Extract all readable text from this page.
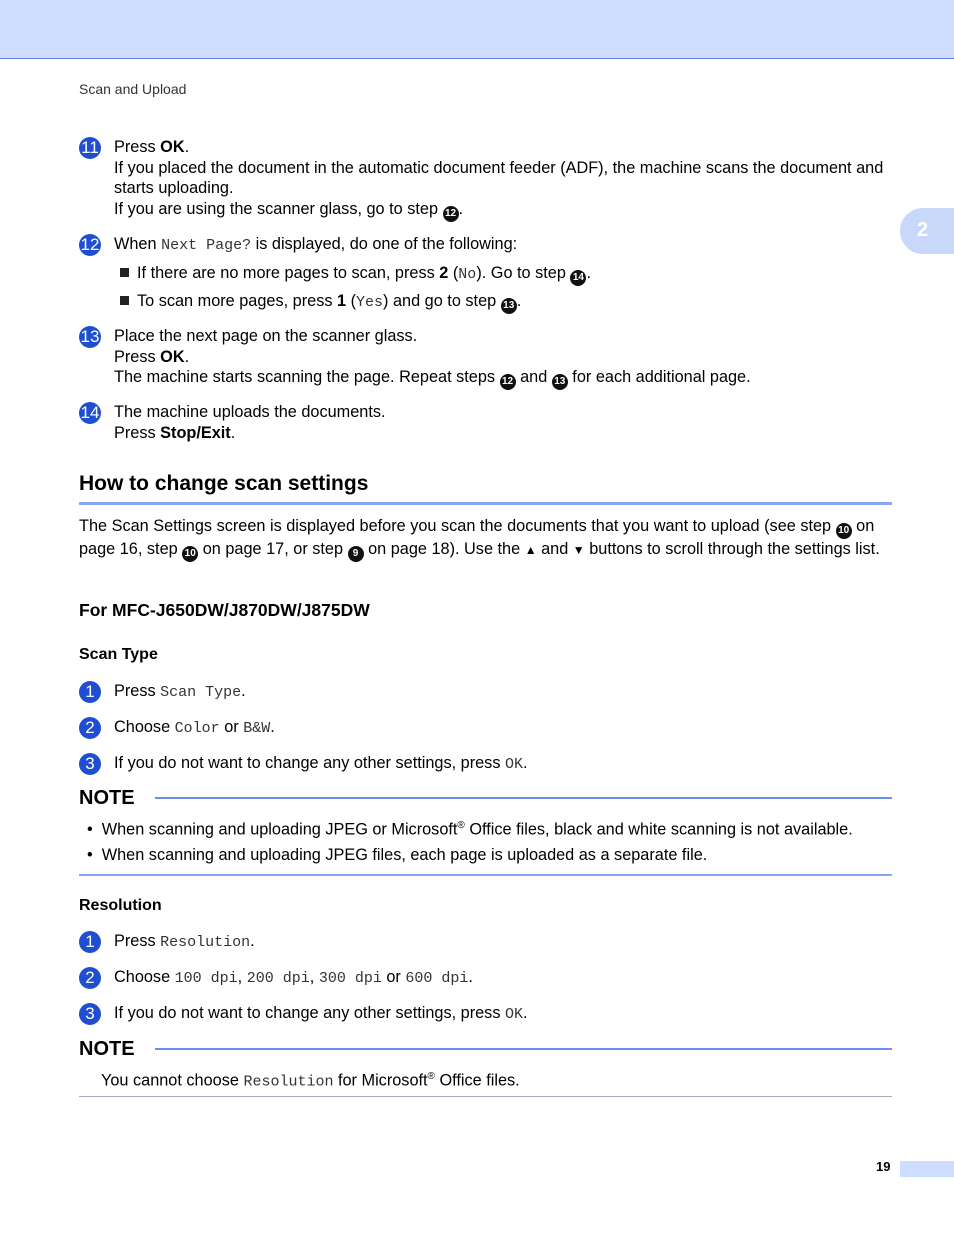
Scan and Upload
2
11 Press OK.
If you placed the document in the automatic document feeder (ADF), the machine scans the document and starts uploading.
If you are using the scanner glass, go to step 12 .
12 When Next Page? is displayed, do one of the following:
If there are no more pages to scan, press 2 (No). Go to step 14 .
To scan more pages, press 1 (Yes) and go to step 13 .
13 Place the next page on the scanner glass.
Press OK.
The machine starts scanning the page. Repeat steps 12 and 13 for each additional page.
14 The machine uploads the documents.
Press Stop/Exit.
How to change scan settings
The Scan Settings screen is displayed before you scan the documents that you want to upload (see step 10 on page 16, step 10 on page 17, or step 9 on page 18). Use the ▲ and ▼ buttons to scroll through the settings list.
For MFC-J650DW/J870DW/J875DW
Scan Type
1	Press Scan Type.
2	Choose Color or B&W.
3	If you do not want to change any other settings, press OK.
NOTE
•  When scanning and uploading JPEG or Microsoft® Office files, black and white scanning is not available.
•  When scanning and uploading JPEG files, each page is uploaded as a separate file.
Resolution
1	Press Resolution.
2	Choose 100 dpi, 200 dpi, 300 dpi or 600 dpi.
3	If you do not want to change any other settings, press OK.
NOTE
You cannot choose Resolution for Microsoft® Office files.
19
